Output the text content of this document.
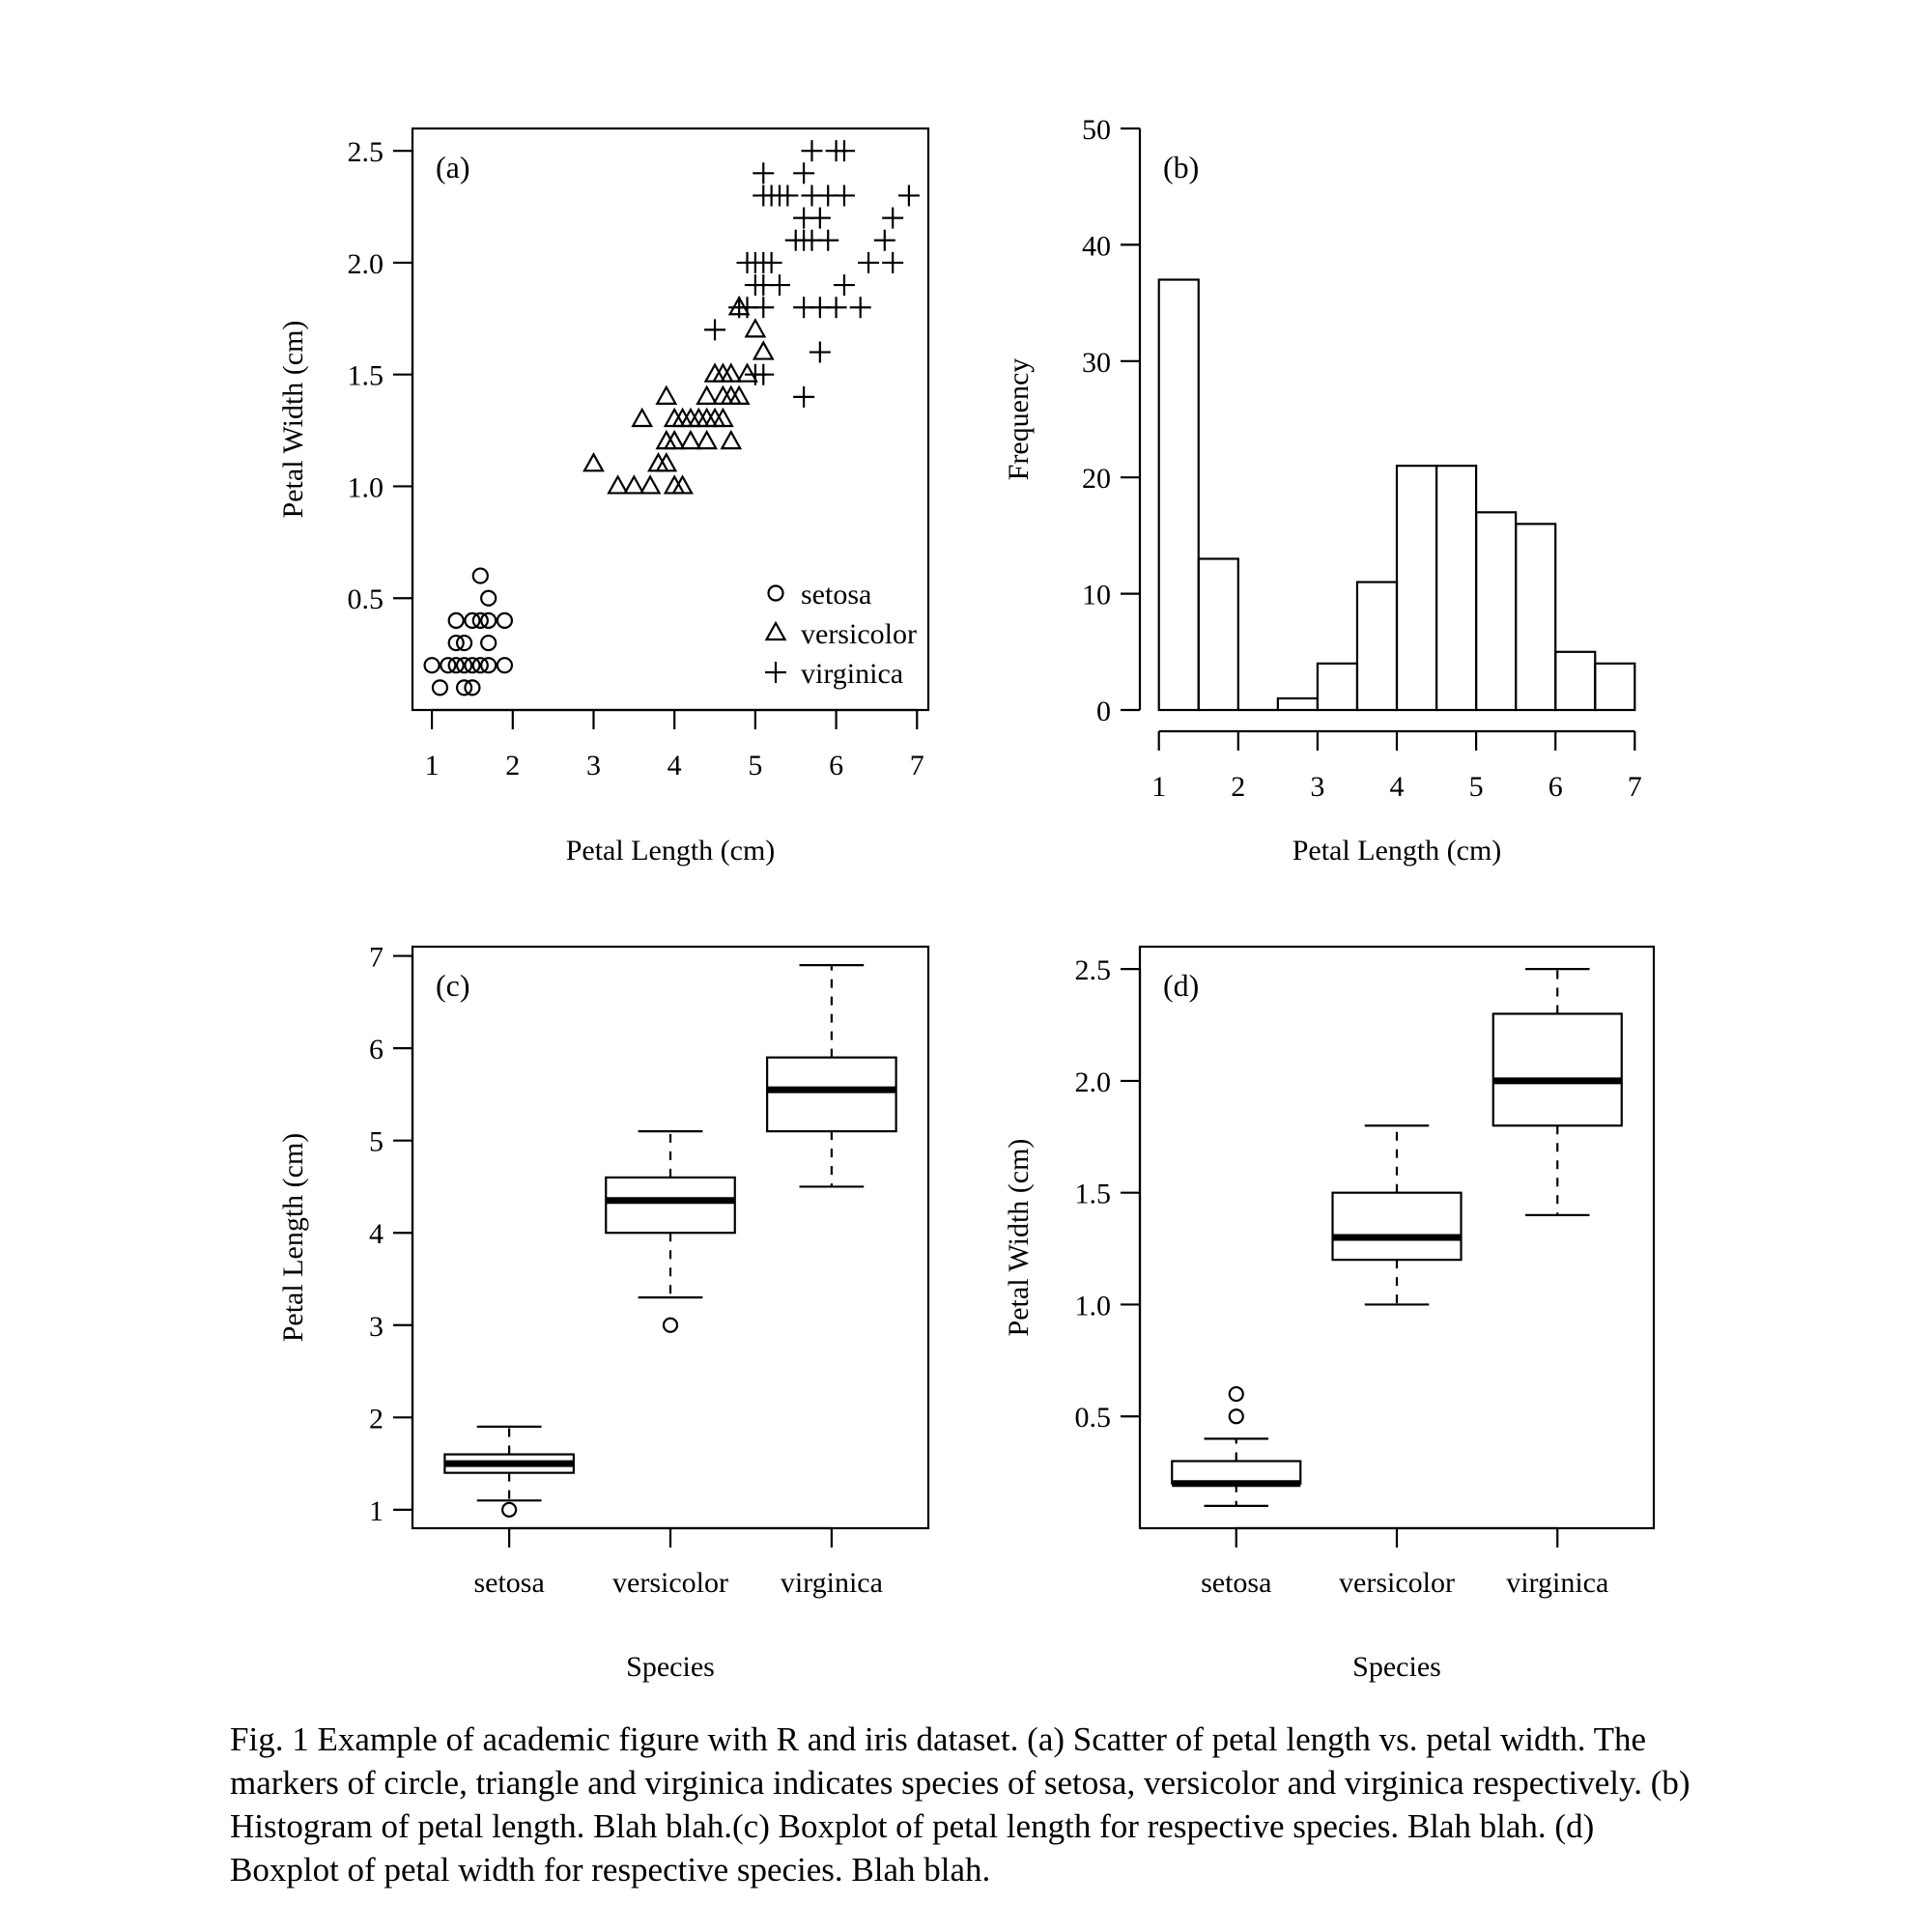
0.5
1.0
1.5
2.0
2.5
1 2 3 4 5 6 7
(a)
Petal Length (cm)
Petal Width (cm)
setosa
versicolor
virginica
0
10
20
30
40
50
1 2 3 4 5 6 7
(b)
Petal Length (cm)
Frequency
1
2
3
4
5
6
7
setosa versicolor virginica
(c)
Species
Petal Length (cm)
0.5
1.0
1.5
2.0
2.5
setosa versicolor virginica
(d)
Species
Petal Width (cm)
Fig. 1 Example of academic figure with R and iris dataset. (a) Scatter of petal length vs. petal width. The markers of circle, triangle and virginica indicates species of setosa, versicolor and virginica respectively. (b) Histogram of petal length. Blah blah.(c) Boxplot of petal length for respective species. Blah blah. (d) Boxplot of petal width for respective species. Blah blah.
